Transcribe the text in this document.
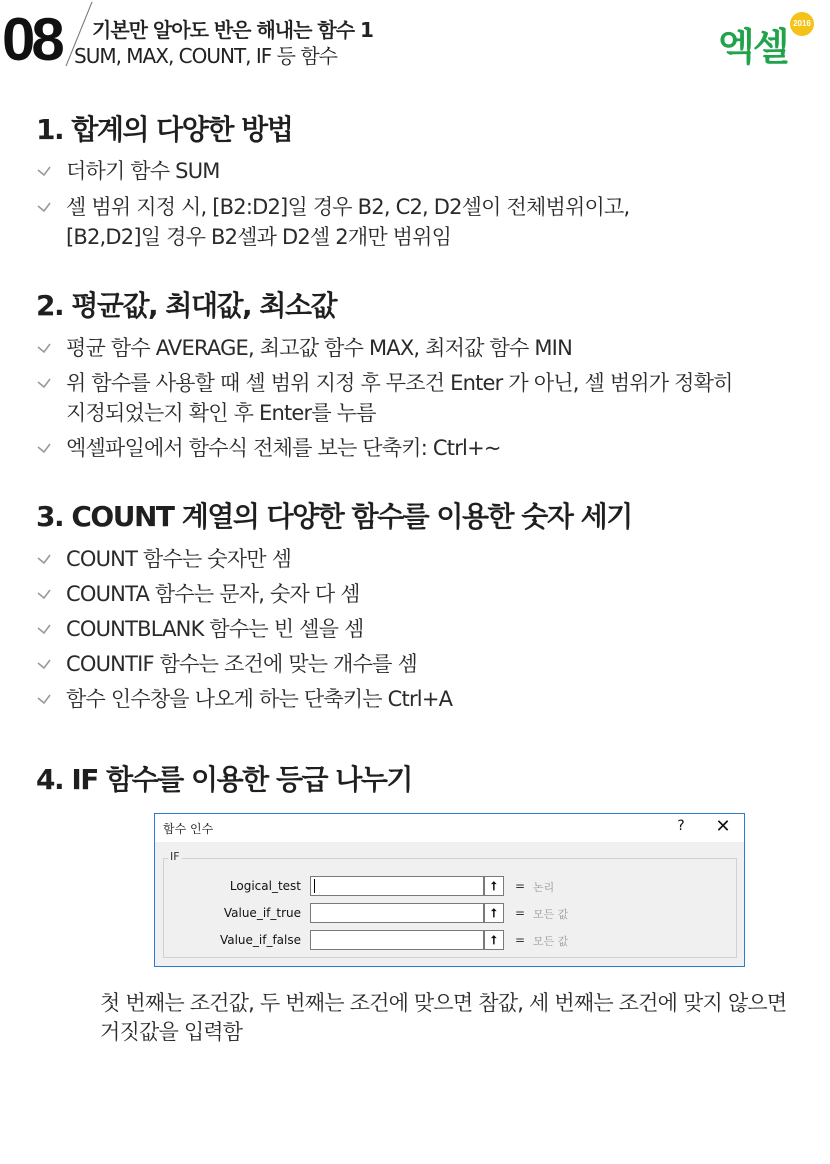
08 기본만 알아도 반은 해내는 함수 1
SUM, MAX, COUNT, IF 등 함수	엑셀
2016
1. 합계의 다양한 방법
더하기 함수 SUM
셀 범위 지정 시, [B2:D2]일 경우 B2, C2, D2셀이 전체범위이고,
[B2,D2]일 경우 B2셀과 D2셀 2개만 범위임
2. 평균값, 최대값, 최소값
평균 함수 AVERAGE, 최고값 함수 MAX, 최저값 함수 MIN
위 함수를 사용할 때 셀 범위 지정 후 무조건 Enter 가 아닌, 셀 범위가 정확히
지정되었는지 확인 후 Enter를 누름
엑셀파일에서 함수식 전체를 보는 단축키: Ctrl+~
3. COUNT 계열의 다양한 함수를 이용한 숫자 세기
COUNT 함수는 숫자만 셈
COUNTA 함수는 문자, 숫자 다 셈
COUNTBLANK 함수는 빈 셀을 셈
COUNTIF 함수는 조건에 맞는 개수를 셈
함수 인수창을 나오게 하는 단축키는 Ctrl+A
4. IF 함수를 이용한 등급 나누기
함수 인수	? ✕
IF
Logical_test	⭡	= 논리
Value_if_true	⭡	= 모든 값
Value_if_false	⭡	= 모든 값
첫 번째는 조건값, 두 번째는 조건에 맞으면 참값, 세 번째는 조건에 맞지 않으면
거짓값을 입력함
